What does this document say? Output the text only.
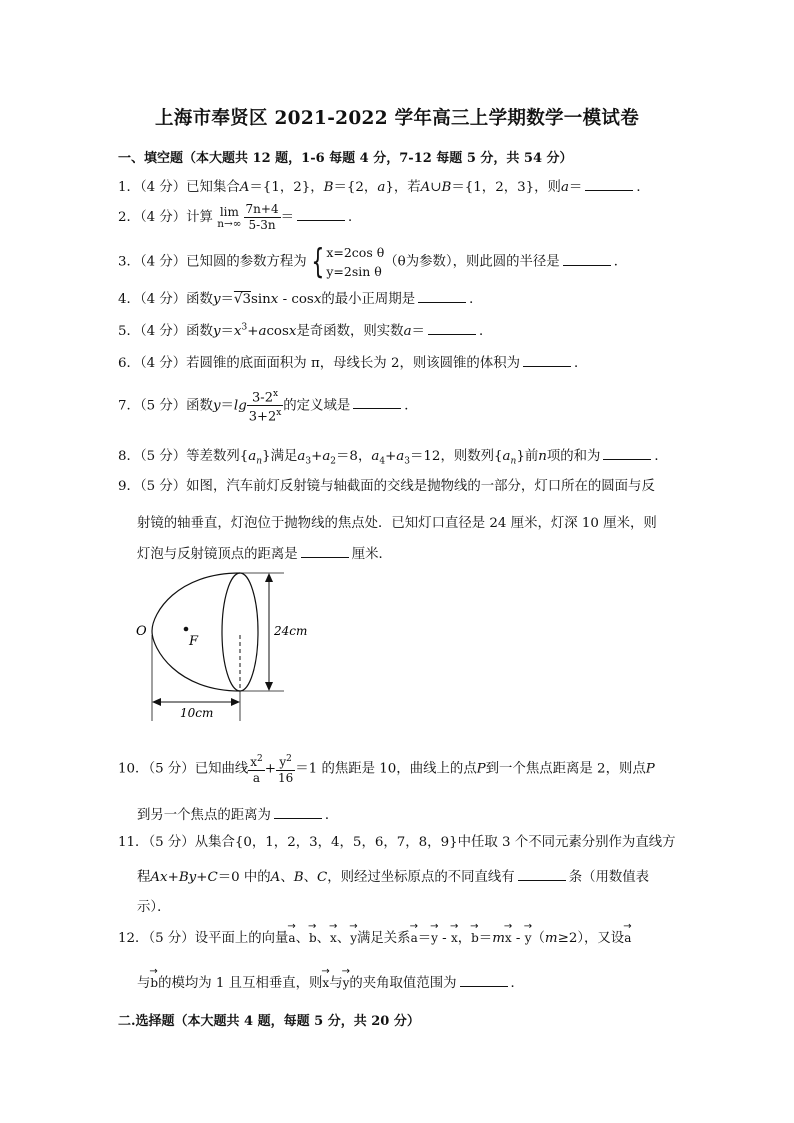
上海市奉贤区 2021-2022 学年高三上学期数学一模试卷
一、填空题（本大题共 12 题，1-6 每题 4 分，7-12 每题 5 分，共 54 分）
1．（4 分）已知集合A＝{1，2}，B＝{2，a}，若A∪B＝{1，2，3}，则a＝	．
2．（4 分）计算 lim
$n\to\infty \frac{7n+4}{5-3n}$ ＝	．
3．（4 分）已知圆的参数方程为 { x=2cos θ
y=2sin θ
（θ为参数），则此圆的半径是	．
4．（4 分）函数y＝√3sinx - cosx的最小正周期是	．
5．（4 分）函数$y=x^3+acosx$是奇函数，则实数a＝	．
6．（4 分）若圆锥的底面面积为 π，母线长为 2，则该圆锥的体积为	．
7．（5 分）函数$y=\lg \frac{3-2^x}{3+2^x}$ 的定义域是	．
8．（5 分）等差数列$\{a_n\}$满足$a_3+a_2=8$，$a_4+a_3=12$，则数列$\{a_n\}$前n项的和为	．
9．（5 分）如图，汽车前灯反射镜与轴截面的交线是抛物线的一部分，灯口所在的圆面与反
射镜的轴垂直，灯泡位于抛物线的焦点处．已知灯口直径是 24 厘米，灯深 10 厘米，则
灯泡与反射镜顶点的距离是	厘米．
O
F
24cm
10cm
10．（5 分）已知曲线 $\frac{x^2}{a} + \frac{y^2}{16} =1$ 的焦距是 10，曲线上的点P到一个焦点距离是 2，则点P
到另一个焦点的距离为	．
11．（5 分）从集合{0，1，2，3，4，5，6，7，8，9}中任取 3 个不同元素分别作为直线方
程Ax+By+C＝0 中的A、B、C，则经过坐标原点的不同直线有	条（用数值表
示）．
12．（5 分）设平面上的向量→ a、→ b、→ x、→ y满足关系→ a＝→ y - → x，→ b＝m→ x - → y（m≥2），又设→ a
与→ b的模均为 1 且互相垂直，则→ x与→ y的夹角取值范围为	．
二.选择题（本大题共 4 题，每题 5 分，共 20 分）
